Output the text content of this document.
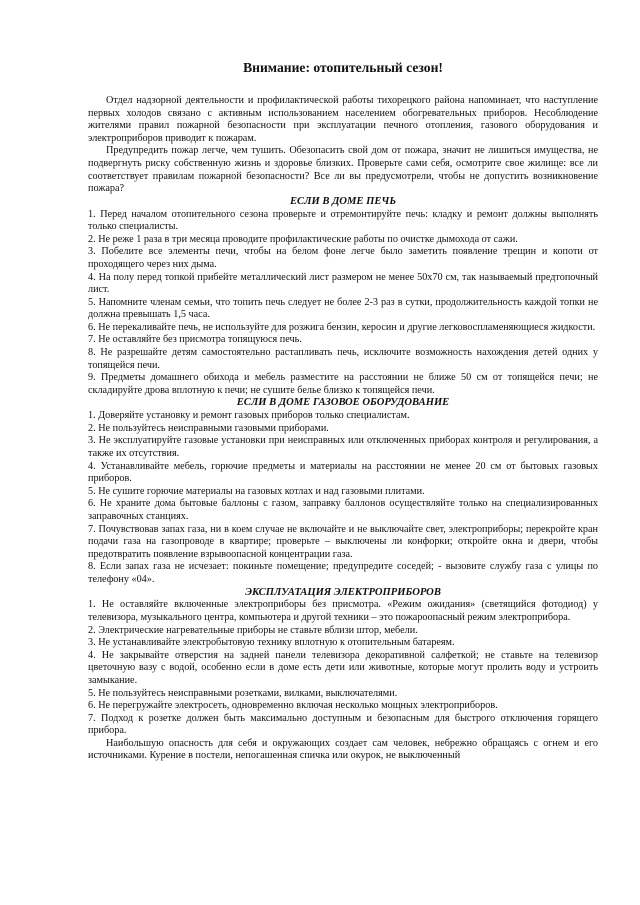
Внимание: отопительный сезон!

Отдел надзорной деятельности и профилактической работы тихорецкого района напоминает, что наступление первых холодов связано с активным использованием населением обогревательных приборов. Несоблюдение жителями правил пожарной безопасности при эксплуатации печного отопления, газового оборудования и электроприборов приводит к пожарам.

Предупредить пожар легче, чем тушить. Обезопасить свой дом от пожара, значит не лишиться имущества, не подвергнуть риску собственную жизнь и здоровье близких. Проверьте сами себя, осмотрите свое жилище: все ли соответствует правилам пожарной безопасности? Все ли вы предусмотрели, чтобы не допустить возникновение пожара?

ЕСЛИ В ДОМЕ ПЕЧЬ

1. Перед началом отопительного сезона проверьте и отремонтируйте печь: кладку и ремонт должны выполнять только специалисты.

2. Не реже 1 раза в три месяца проводите профилактические работы по очистке дымохода от сажи.

3. Побелите все элементы печи, чтобы на белом фоне легче было заметить появление трещин и копоти от проходящего через них дыма.

4. На полу перед топкой прибейте металлический лист размером не менее 50х70 см, так называемый предтопочный лист.

5. Напомните членам семьи, что топить печь следует не более 2-3 раз в сутки, продолжительность каждой топки не должна превышать 1,5 часа.

6. Не перекаливайте печь, не используйте для розжига бензин, керосин и другие легковоспламеняющиеся жидкости.

7. Не оставляйте без присмотра топящуюся печь.

8. Не разрешайте детям самостоятельно растапливать печь, исключите возможность нахождения детей одних у топящейся печи.

9. Предметы домашнего обихода и мебель разместите на расстоянии не ближе 50 см от топящейся печи; не складируйте дрова вплотную к печи; не сушите белье близко к топящейся печи.

ЕСЛИ В ДОМЕ ГАЗОВОЕ ОБОРУДОВАНИЕ

1. Доверяйте установку и ремонт газовых приборов только специалистам.

2. Не пользуйтесь неисправными газовыми приборами.

3. Не эксплуатируйте газовые установки при неисправных или отключенных приборах контроля и регулирования, а также их отсутствия.

4. Устанавливайте мебель, горючие предметы и материалы на расстоянии не менее 20 см от бытовых газовых приборов.

5. Не сушите горючие материалы на газовых котлах и над газовыми плитами.

6. Не храните дома бытовые баллоны с газом, заправку баллонов осуществляйте только на специализированных заправочных станциях.

7. Почувствовав запах газа, ни в коем случае не включайте и не выключайте свет, электроприборы; перекройте кран подачи газа на газопроводе в квартире; проверьте – выключены ли конфорки; откройте окна и двери, чтобы предотвратить появление взрывоопасной концентрации газа.

8. Если запах газа не исчезает: покиньте помещение; предупредите соседей; - вызовите службу газа с улицы по телефону «04».

ЭКСПЛУАТАЦИЯ ЭЛЕКТРОПРИБОРОВ

1. Не оставляйте включенные электроприборы без присмотра. «Режим ожидания» (светящийся фотодиод) у телевизора, музыкального центра, компьютера и другой техники – это пожароопасный режим электроприбора.

2. Электрические нагревательные приборы не ставьте вблизи штор, мебели.

3. Не устанавливайте электробытовую технику вплотную к отопительным батареям.

4. Не закрывайте отверстия на задней панели телевизора декоративной салфеткой; не ставьте на телевизор цветочную вазу с водой, особенно если в доме есть дети или животные, которые могут пролить воду и устроить замыкание.

5. Не пользуйтесь неисправными розетками, вилками, выключателями.

6. Не перегружайте электросеть, одновременно включая несколько мощных электроприборов.

7. Подход к розетке должен быть максимально доступным и безопасным для быстрого отключения горящего прибора.

Наибольшую опасность для себя и окружающих создает сам человек, небрежно обращаясь с огнем и его источниками. Курение в постели, непогашенная спичка или окурок, не выключенный
